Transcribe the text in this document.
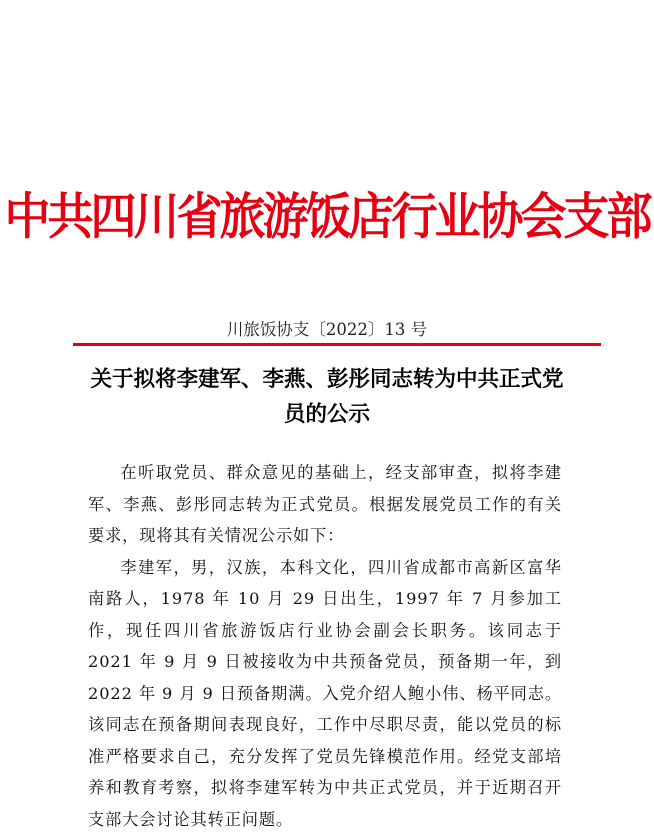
中共四川省旅游饭店行业协会支部
川旅饭协支〔2022〕13 号
关于拟将李建军、李燕、彭彤同志转为中共正式党员的公示

在听取党员、群众意见的基础上，经支部审查，拟将李建军、李燕、彭彤同志转为正式党员。根据发展党员工作的有关要求，现将其有关情况公示如下：

李建军，男，汉族，本科文化，四川省成都市高新区富华南路人，1978 年 10 月 29 日出生，1997 年 7 月参加工作，现任四川省旅游饭店行业协会副会长职务。该同志于 2021 年 9 月 9 日被接收为中共预备党员，预备期一年，到 2022 年 9 月 9 日预备期满。入党介绍人鲍小伟、杨平同志。该同志在预备期间表现良好，工作中尽职尽责，能以党员的标准严格要求自己，充分发挥了党员先锋模范作用。经党支部培养和教育考察，拟将李建军转为中共正式党员，并于近期召开支部大会讨论其转正问题。
